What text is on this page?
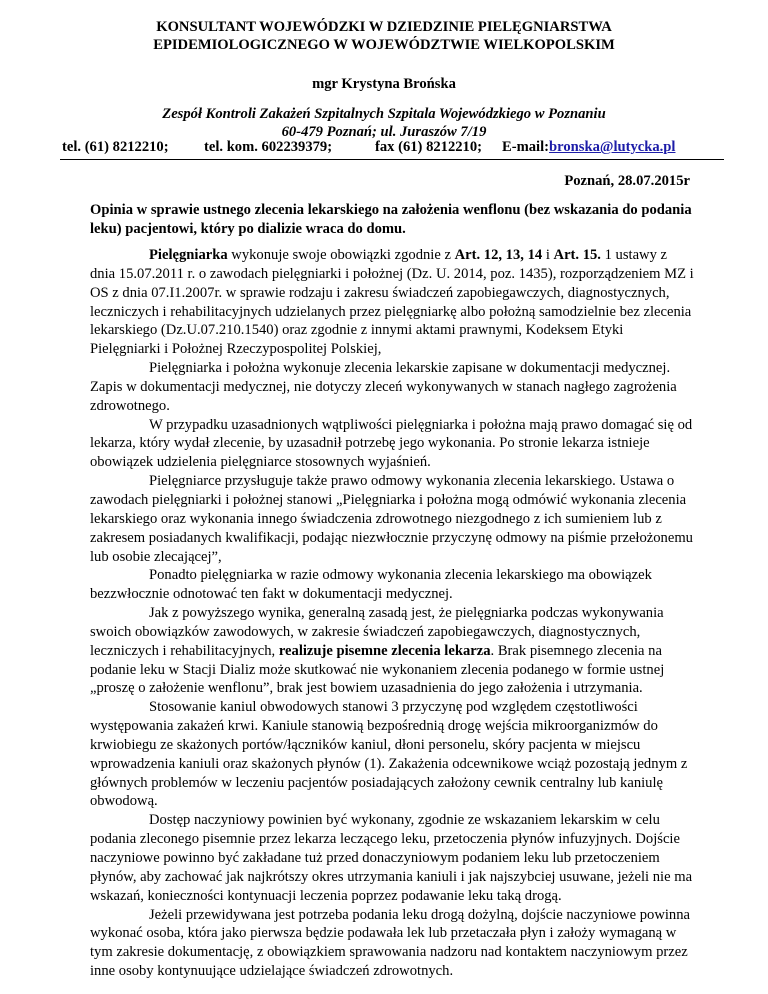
KONSULTANT WOJEWÓDZKI W DZIEDZINIE PIELĘGNIARSTWA
EPIDEMIOLOGICZNEGO W WOJEWÓDZTWIE WIELKOPOLSKIM
mgr Krystyna Brońska
Zespół Kontroli Zakażeń Szpitalnych Szpitala Wojewódzkiego w Poznaniu
60-479 Poznań; ul. Juraszów 7/19
tel. (61) 8212210; tel. kom. 602239379;	fax (61) 8212210; E-mail:bronska@lutycka.pl
Poznań, 28.07.2015r
Opinia w sprawie ustnego zlecenia lekarskiego na założenia wenflonu (bez wskazania do podania leku) pacjentowi, który po dializie wraca do domu.

Pielęgniarka wykonuje swoje obowiązki zgodnie z Art. 12, 13, 14 i Art. 15. 1 ustawy z dnia 15.07.2011 r. o zawodach pielęgniarki i położnej (Dz. U. 2014, poz. 1435), rozporządzeniem MZ i OS z dnia 07.I1.2007r. w sprawie rodzaju i zakresu świadczeń zapobiegawczych, diagnostycznych, leczniczych i rehabilitacyjnych udzielanych przez pielęgniarkę albo położną samodzielnie bez zlecenia lekarskiego (Dz.U.07.210.1540) oraz zgodnie z innymi aktami prawnymi, Kodeksem Etyki Pielęgniarki i Położnej Rzeczypospolitej Polskiej,

Pielęgniarka i położna wykonuje zlecenia lekarskie zapisane w dokumentacji medycznej. Zapis w dokumentacji medycznej, nie dotyczy zleceń wykonywanych w stanach nagłego zagrożenia zdrowotnego.

W przypadku uzasadnionych wątpliwości pielęgniarka i położna mają prawo domagać się od lekarza, który wydał zlecenie, by uzasadnił potrzebę jego wykonania. Po stronie lekarza istnieje obowiązek udzielenia pielęgniarce stosownych wyjaśnień.

Pielęgniarce przysługuje także prawo odmowy wykonania zlecenia lekarskiego. Ustawa o zawodach pielęgniarki i położnej stanowi „Pielęgniarka i położna mogą odmówić wykonania zlecenia lekarskiego oraz wykonania innego świadczenia zdrowotnego niezgodnego z ich sumieniem lub z zakresem posiadanych kwalifikacji, podając niezwłocznie przyczynę odmowy na piśmie przełożonemu lub osobie zlecającej”,

Ponadto pielęgniarka w razie odmowy wykonania zlecenia lekarskiego ma obowiązek bezzwłocznie odnotować ten fakt w dokumentacji medycznej.

Jak z powyższego wynika, generalną zasadą jest, że pielęgniarka podczas wykonywania swoich obowiązków zawodowych, w zakresie świadczeń zapobiegawczych, diagnostycznych, leczniczych i rehabilitacyjnych, realizuje pisemne zlecenia lekarza. Brak pisemnego zlecenia na podanie leku w Stacji Dializ może skutkować nie wykonaniem zlecenia podanego w formie ustnej „proszę o założenie wenflonu”, brak jest bowiem uzasadnienia do jego założenia i utrzymania.

Stosowanie kaniul obwodowych stanowi 3 przyczynę pod względem częstotliwości występowania zakażeń krwi. Kaniule stanowią bezpośrednią drogę wejścia mikroorganizmów do krwiobiegu ze skażonych portów/łączników kaniul, dłoni personelu, skóry pacjenta w miejscu wprowadzenia kaniuli oraz skażonych płynów (1). Zakażenia odcewnikowe wciąż pozostają jednym z głównych problemów w leczeniu pacjentów posiadających założony cewnik centralny lub kaniulę obwodową.

Dostęp naczyniowy powinien być wykonany, zgodnie ze wskazaniem lekarskim w celu podania zleconego pisemnie przez lekarza leczącego leku, przetoczenia płynów infuzyjnych. Dojście naczyniowe powinno być zakładane tuż przed donaczyniowym podaniem leku lub przetoczeniem płynów, aby zachować jak najkrótszy okres utrzymania kaniuli i jak najszybciej usuwane, jeżeli nie ma wskazań, konieczności kontynuacji leczenia poprzez podawanie leku taką drogą.

Jeżeli przewidywana jest potrzeba podania leku drogą dożylną, dojście naczyniowe powinna wykonać osoba, która jako pierwsza będzie podawała lek lub przetaczała płyn i założy wymaganą w tym zakresie dokumentację, z obowiązkiem sprawowania nadzoru nad kontaktem naczyniowym przez inne osoby kontynuujące udzielające świadczeń zdrowotnych.
